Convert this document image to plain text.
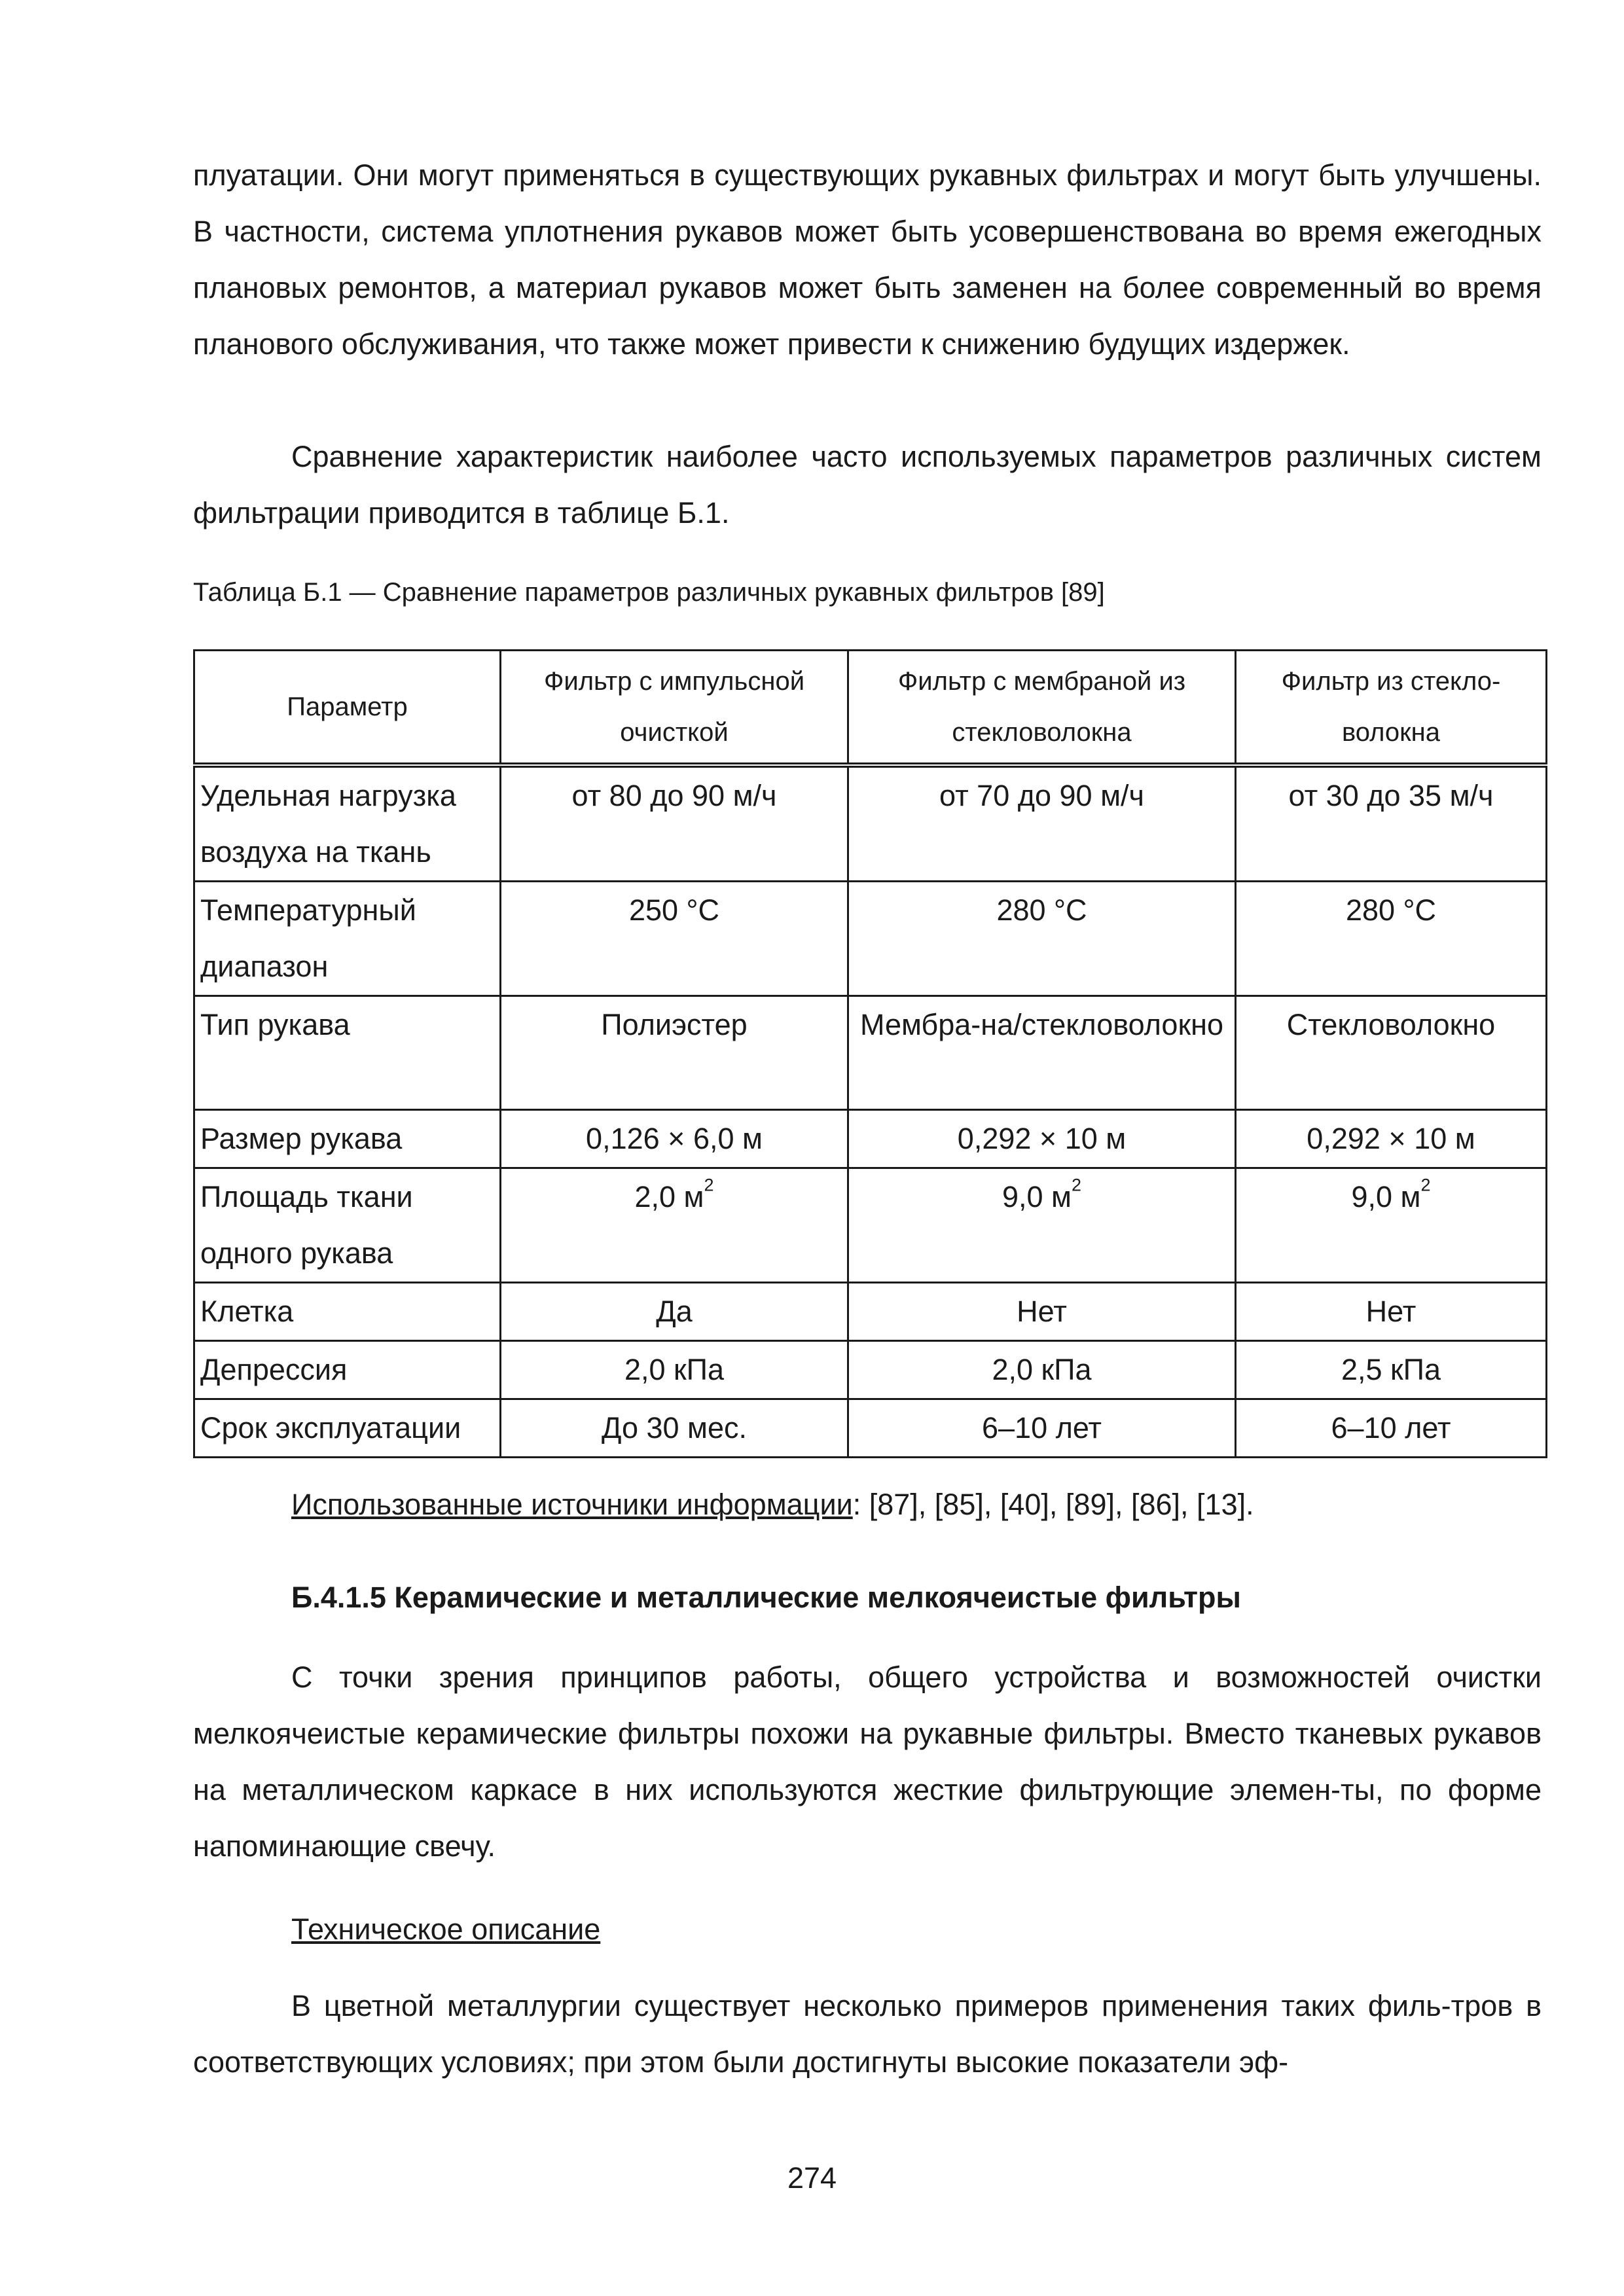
плуатации. Они могут применяться в существующих рукавных фильтрах и могут быть улучшены. В частности, система уплотнения рукавов может быть усовершенствована во время ежегодных плановых ремонтов, а материал рукавов может быть заменен на более современный во время планового обслуживания, что также может привести к снижению будущих издержек.

Сравнение характеристик наиболее часто используемых параметров различных систем фильтрации приводится в таблице Б.1.

Таблица Б.1 — Сравнение параметров различных рукавных фильтров [89]

Параметр	Фильтр с импульсной очисткой	Фильтр с мембраной из стекловолокна	Фильтр из стекло-волокна
Удельная нагрузка воздуха на ткань	от 80 до 90 м/ч	от 70 до 90 м/ч	от 30 до 35 м/ч
Температурный диапазон	250 °С	280 °С	280 °С
Тип рукава	Полиэстер	Мембра-на/стекловолокно	Стекловолокно
Размер рукава	0,126 × 6,0 м	0,292 × 10 м	0,292 × 10 м
Площадь ткани одного рукава	2,0 $м^2$	9,0 $м^2$	9,0 $м^2$
Клетка	Да	Нет	Нет
Депрессия	2,0 кПа	2,0 кПа	2,5 кПа
Срок эксплуатации	До 30 мес.	6–10 лет	6–10 лет

Использованные источники информации: [87], [85], [40], [89], [86], [13].

Б.4.1.5 Керамические и металлические мелкоячеистые фильтры

С точки зрения принципов работы, общего устройства и возможностей очистки мелкоячеистые керамические фильтры похожи на рукавные фильтры. Вместо тканевых рукавов на металлическом каркасе в них используются жесткие фильтрующие элемен-ты, по форме напоминающие свечу.

Техническое описание

В цветной металлургии существует несколько примеров применения таких филь-тров в соответствующих условиях; при этом были достигнуты высокие показатели эф-

274
